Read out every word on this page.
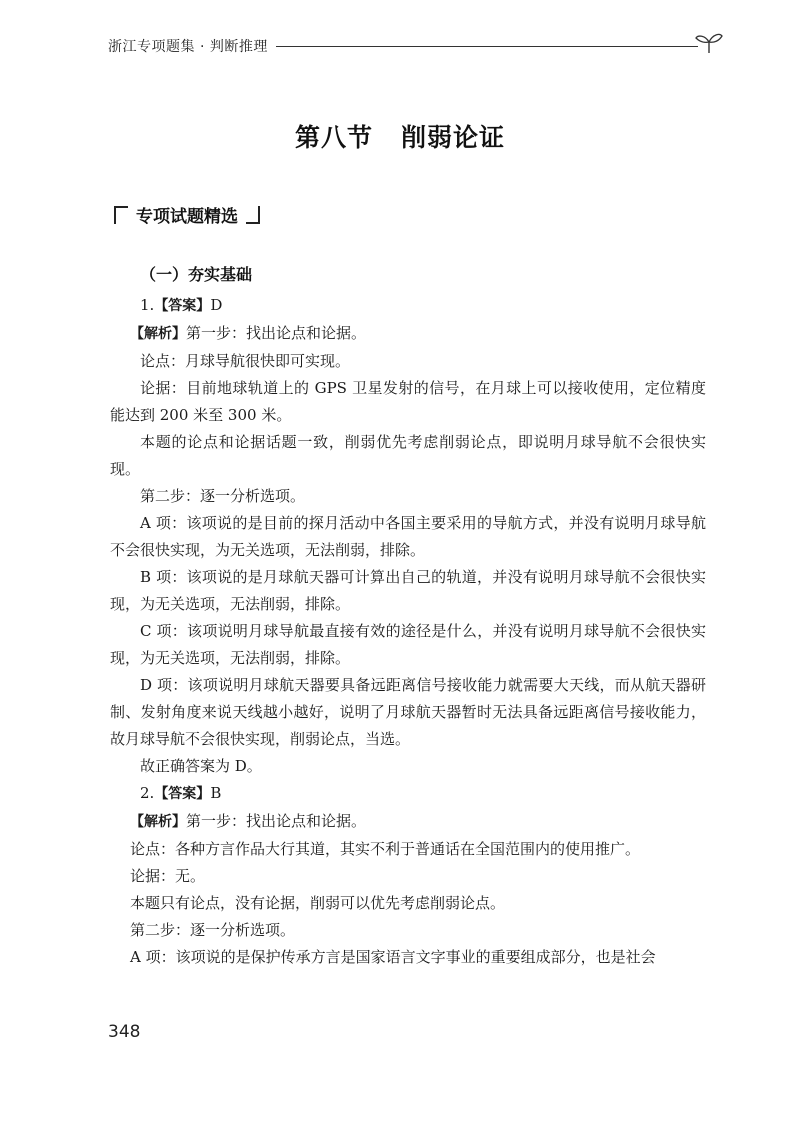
浙江专项题集 · 判断推理
第八节 削弱论证
专项试题精选
（一）夯实基础

1.【答案】D

【解析】第一步：找出论点和论据。

论点：月球导航很快即可实现。

论据：目前地球轨道上的 GPS 卫星发射的信号，在月球上可以接收使用，定位精度能达到 200 米至 300 米。

本题的论点和论据话题一致，削弱优先考虑削弱论点，即说明月球导航不会很快实现。

第二步：逐一分析选项。

A 项：该项说的是目前的探月活动中各国主要采用的导航方式，并没有说明月球导航不会很快实现，为无关选项，无法削弱，排除。

B 项：该项说的是月球航天器可计算出自己的轨道，并没有说明月球导航不会很快实现，为无关选项，无法削弱，排除。

C 项：该项说明月球导航最直接有效的途径是什么，并没有说明月球导航不会很快实现，为无关选项，无法削弱，排除。

D 项：该项说明月球航天器要具备远距离信号接收能力就需要大天线，而从航天器研制、发射角度来说天线越小越好，说明了月球航天器暂时无法具备远距离信号接收能力，故月球导航不会很快实现，削弱论点，当选。

故正确答案为 D。

2.【答案】B

【解析】第一步：找出论点和论据。

论点：各种方言作品大行其道，其实不利于普通话在全国范围内的使用推广。

论据：无。

本题只有论点，没有论据，削弱可以优先考虑削弱论点。

第二步：逐一分析选项。

A 项：该项说的是保护传承方言是国家语言文字事业的重要组成部分，也是社会

348
